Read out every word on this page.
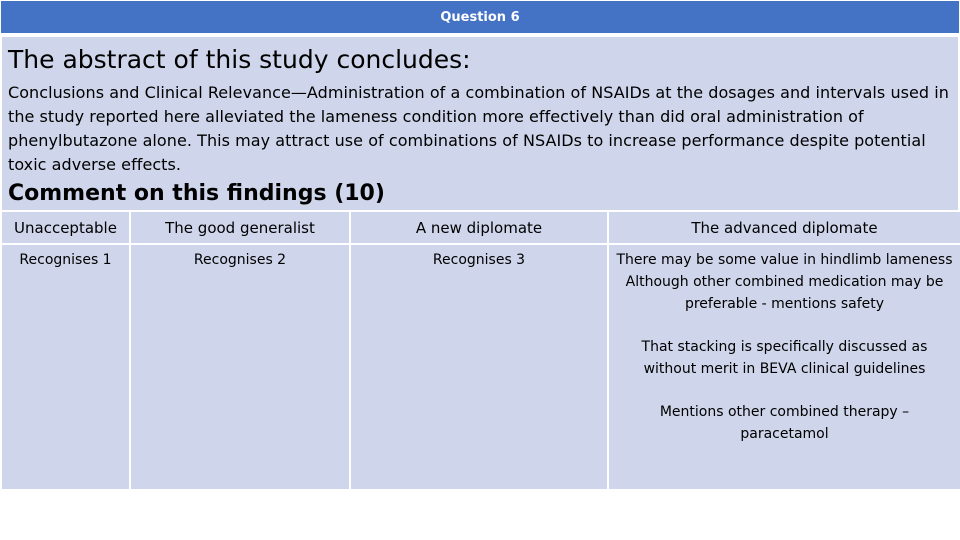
Question 6
The abstract of this study concludes:

Conclusions and Clinical Relevance—Administration of a combination of NSAIDs at the dosages and intervals used in the study reported here alleviated the lameness condition more effectively than did oral administration of phenylbutazone alone. This may attract use of combinations of NSAIDs to increase performance despite potential toxic adverse effects.

Comment on this findings (10)
Unacceptable	The good generalist	A new diplomate	The advanced diplomate
Recognises 1	Recognises 2	Recognises 3	There may be some value in hindlimb lameness
Although other combined medication may be preferable - mentions safety
That stacking is specifically discussed as without merit in BEVA clinical guidelines
Mentions other combined therapy – paracetamol
